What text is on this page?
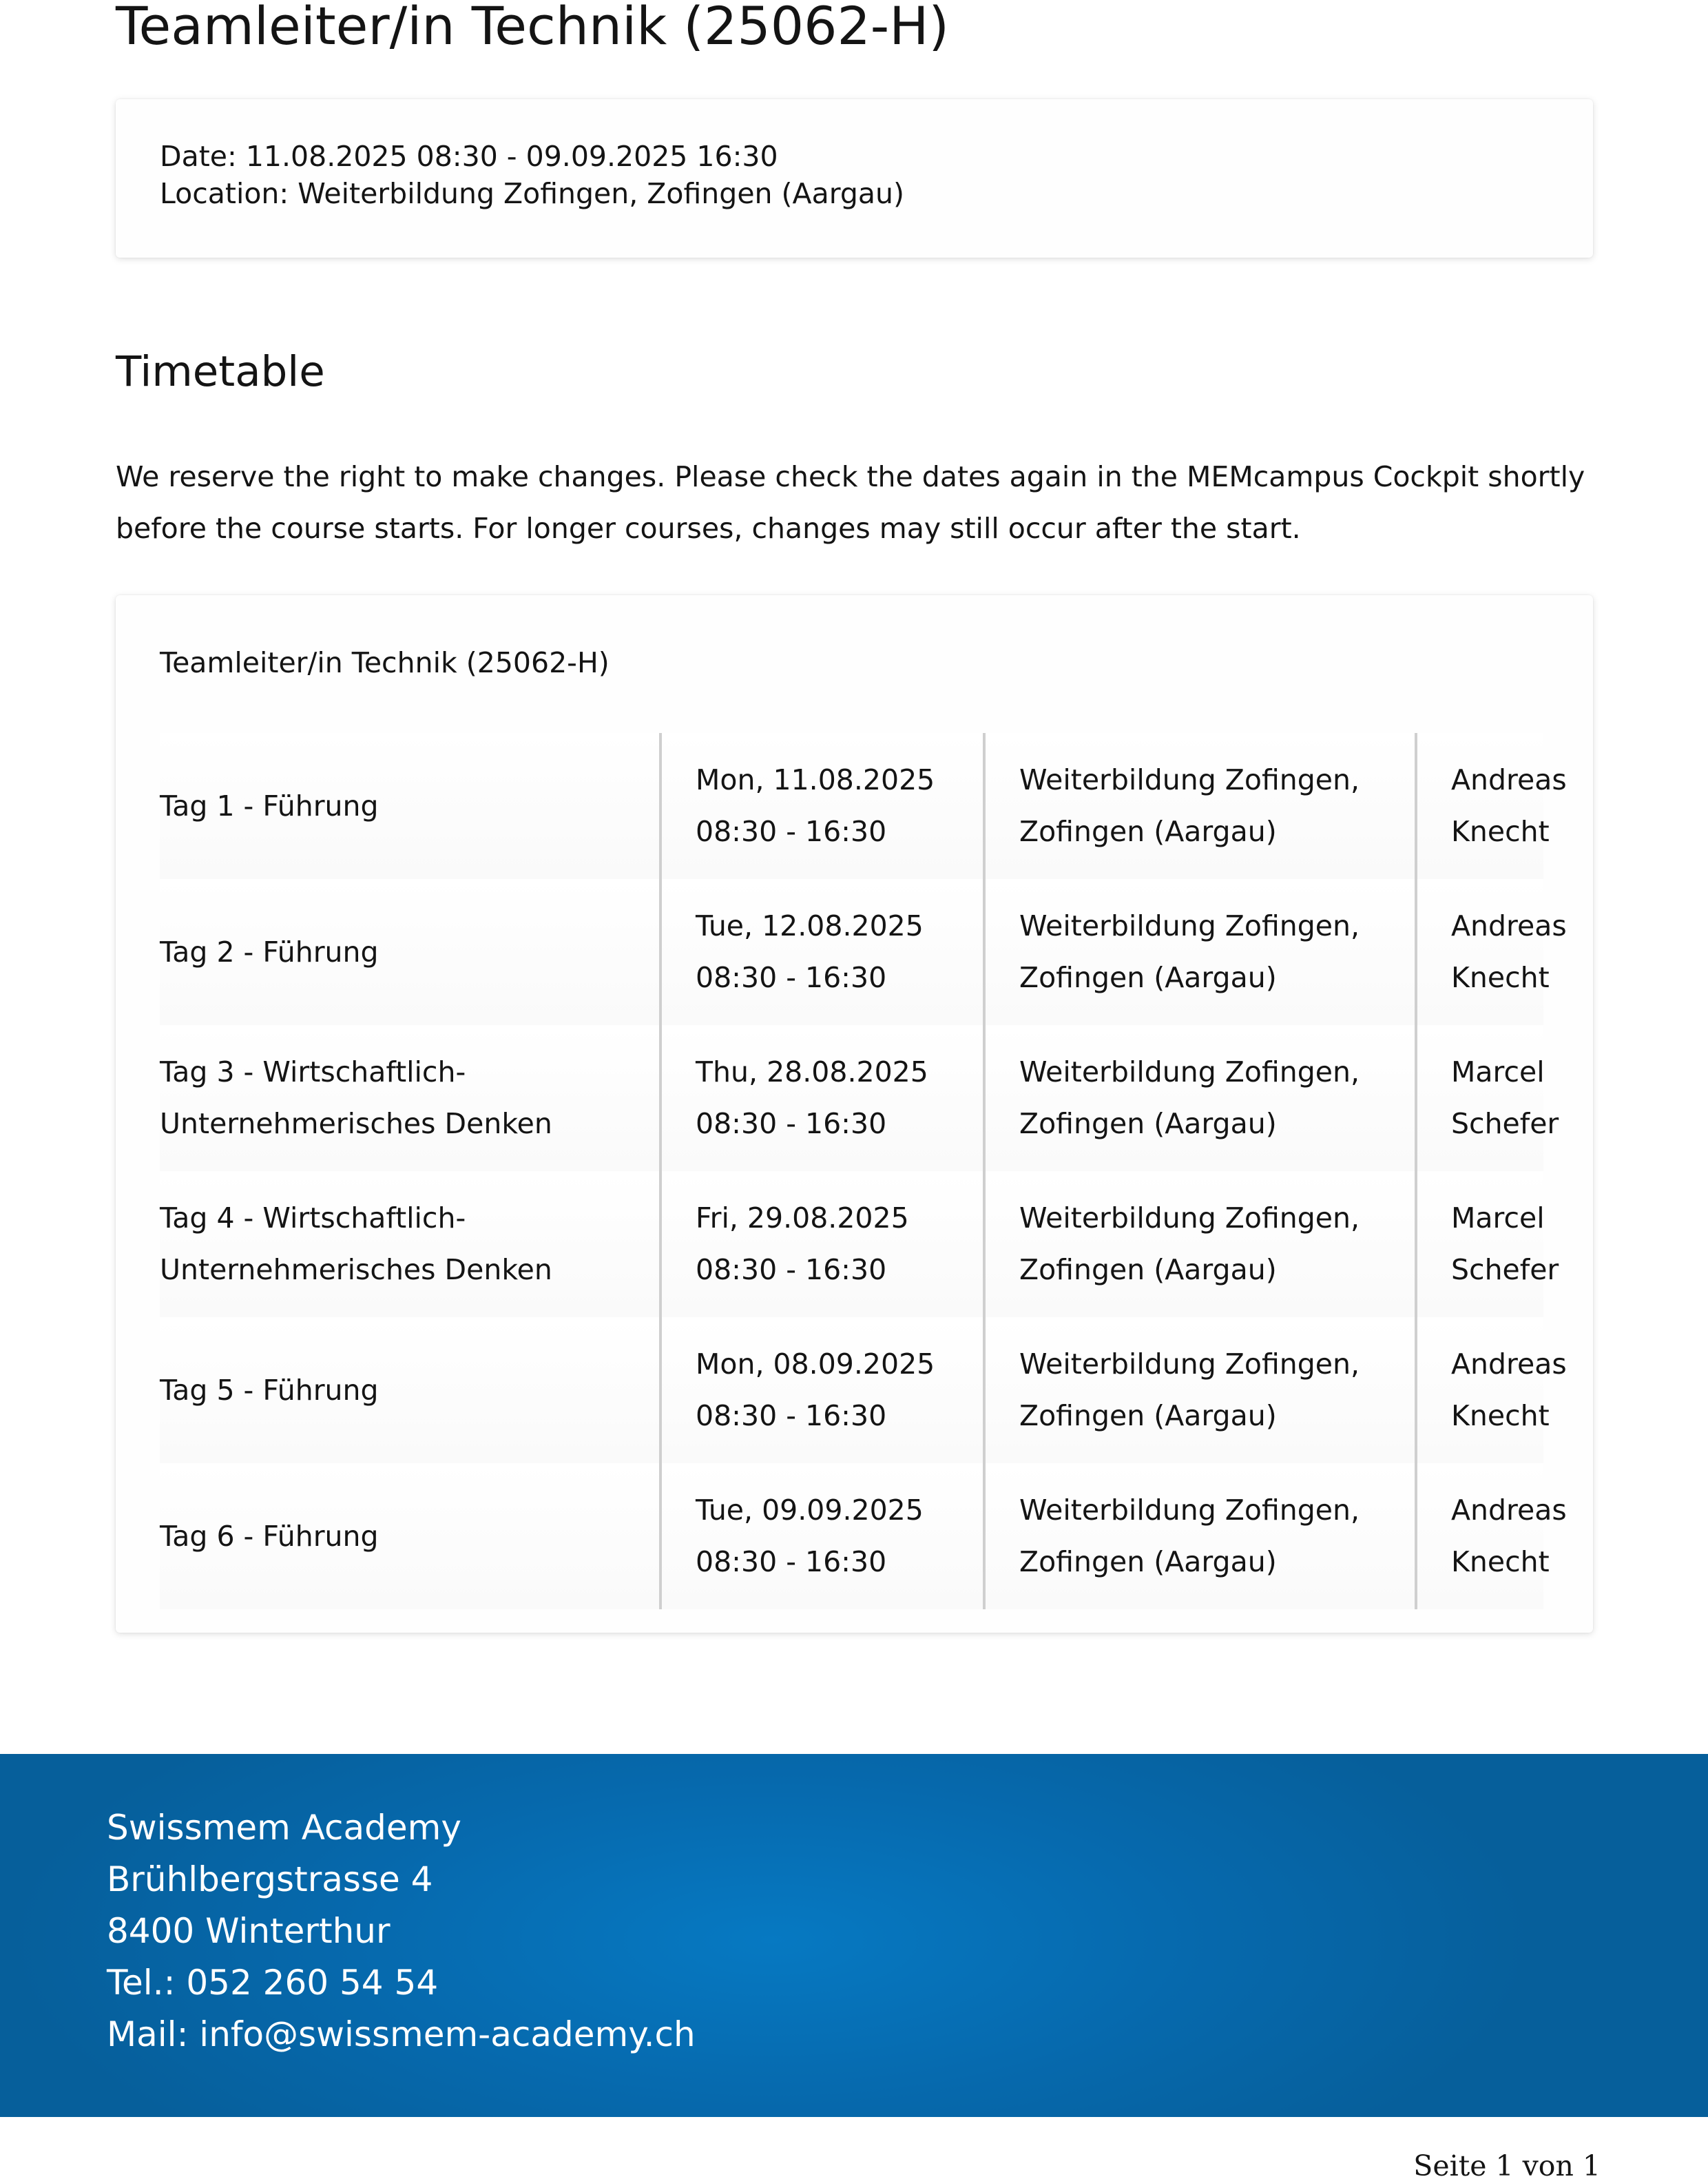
Teamleiter/in Technik (25062-H)
Date: 11.08.2025 08:30 - 09.09.2025 16:30
Location: Weiterbildung Zofingen, Zofingen (Aargau)
Timetable
We reserve the right to make changes. Please check the dates again in the MEMcampus Cockpit shortly before the course starts. For longer courses, changes may still occur after the start.
Teamleiter/in Technik (25062-H)
Tag 1 - Führung
Mon, 11.08.2025
08:30 - 16:30
Weiterbildung Zofingen,
Zofingen (Aargau)
Andreas
Knecht
Tag 2 - Führung
Tue, 12.08.2025
08:30 - 16:30
Weiterbildung Zofingen,
Zofingen (Aargau)
Andreas
Knecht
Tag 3 - Wirtschaftlich-
Unternehmerisches Denken
Thu, 28.08.2025
08:30 - 16:30
Weiterbildung Zofingen,
Zofingen (Aargau)
Marcel
Schefer
Tag 4 - Wirtschaftlich-
Unternehmerisches Denken
Fri, 29.08.2025
08:30 - 16:30
Weiterbildung Zofingen,
Zofingen (Aargau)
Marcel
Schefer
Tag 5 - Führung
Mon, 08.09.2025
08:30 - 16:30
Weiterbildung Zofingen,
Zofingen (Aargau)
Andreas
Knecht
Tag 6 - Führung
Tue, 09.09.2025
08:30 - 16:30
Weiterbildung Zofingen,
Zofingen (Aargau)
Andreas
Knecht
Swissmem Academy
Brühlbergstrasse 4
8400 Winterthur
Tel.: 052 260 54 54
Mail: info@swissmem-academy.ch
Seite 1 von 1
